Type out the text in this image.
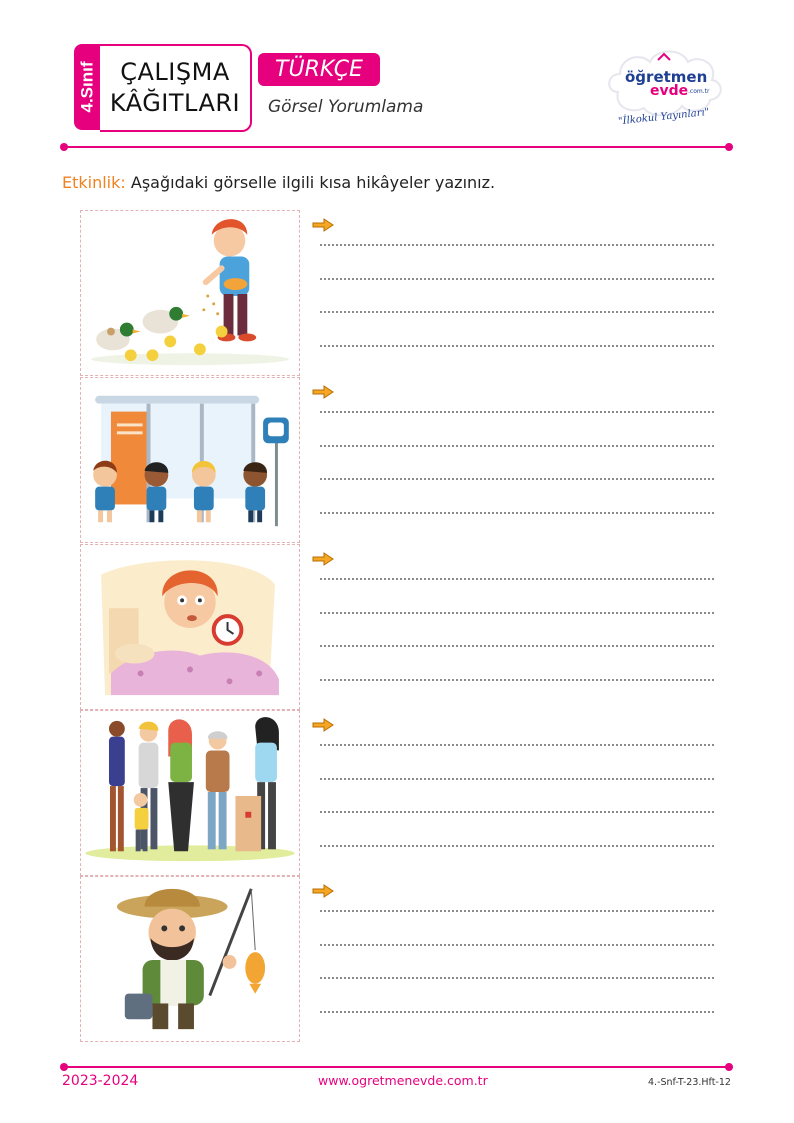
4.Sınıf ÇALIŞMA
KÂĞITLARI
TÜRKÇE
Görsel Yorumlama
öğretmen
evde .com.tr
"İlkokul Yayınları"
Etkinlik: Aşağıdaki görselle ilgili kısa hikâyeler yazınız.
2023-2024	www.ogretmenevde.com.tr	4.-Snf-T-23.Hft-12
